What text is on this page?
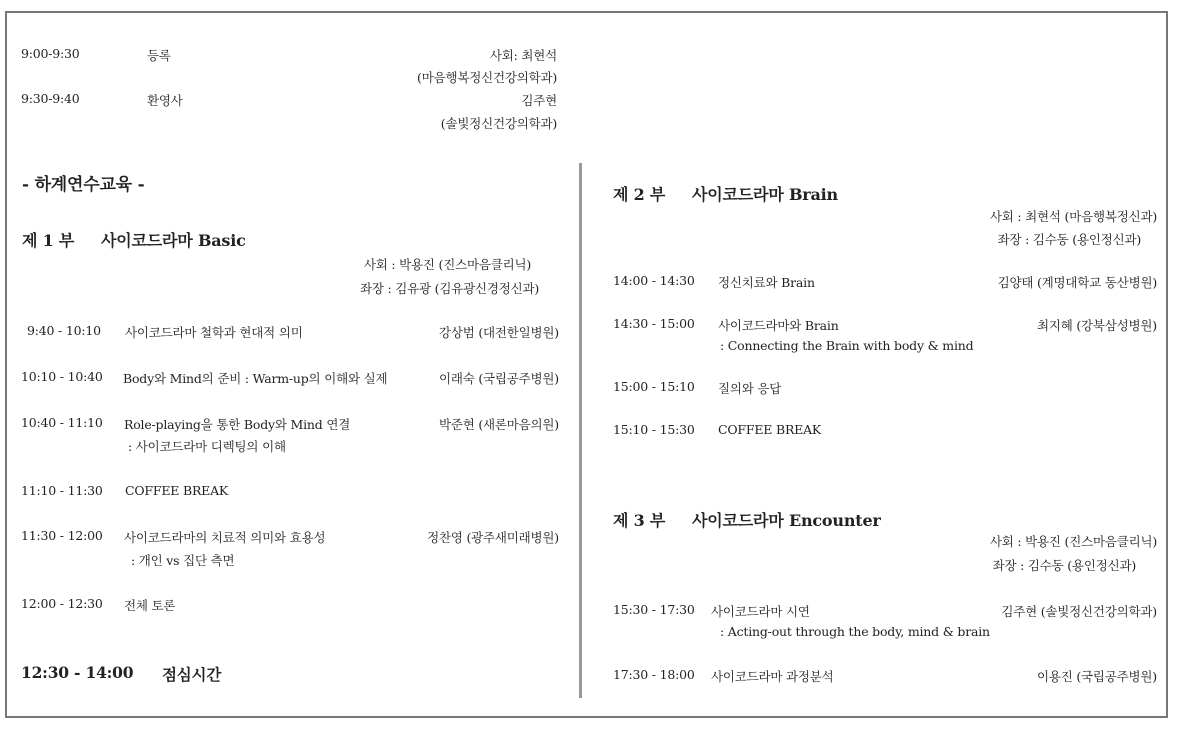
9:00-9:30	등록	사회: 최현석
(마음행복정신건강의학과)
9:30-9:40	환영사	김주현
(솔빛정신건강의학과)
- 하계연수교육 -
제 1 부     사이코드라마 Basic
사회 : 박용진 (진스마음클리닉)
좌장 : 김유광 (김유광신경정신과)
9:40 - 10:10 사이코드라마 철학과 현대적 의미	강상범 (대전한일병원)
10:10 - 10:40 Body와 Mind의 준비 : Warm-up의 이해와 실제	이래숙 (국립공주병원)
10:40 - 11:10 Role-playing을 통한 Body와 Mind 연결
: 사이코드라마 디렉팅의 이해
박준현 (새론마음의원)
11:10 - 11:30 COFFEE BREAK
11:30 - 12:00 사이코드라마의 치료적 의미와 효용성
: 개인 vs 집단 측면
정찬영 (광주새미래병원)
12:00 - 12:30 전체 토론
12:30 - 14:00 점심시간
제 2 부     사이코드라마 Brain
사회 : 최현석 (마음행복정신과)
좌장 : 김수동 (용인정신과)
14:00 - 14:30 정신치료와 Brain	김양태 (계명대학교 동산병원)
14:30 - 15:00 사이코드라마와 Brain
: Connecting the Brain with body & mind
최지혜 (강북삼성병원)
15:00 - 15:10 질의와 응답
15:10 - 15:30 COFFEE BREAK
제 3 부     사이코드라마 Encounter
사회 : 박용진 (진스마음클리닉)
좌장 : 김수동 (용인정신과)
15:30 - 17:30 사이코드라마 시연
: Acting-out through the body, mind & brain
김주현 (솔빛정신건강의학과)
17:30 - 18:00 사이코드라마 과정분석	이용진 (국립공주병원)
